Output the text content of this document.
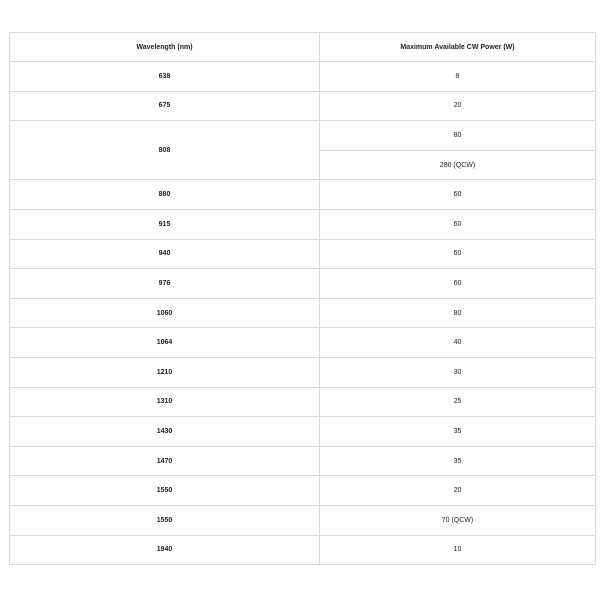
Wavelength (nm)	Maximum Available CW Power (W)
638	8
675	20
808	80
	280 (QCW)
880	60
915	60
940	60
976	60
1060	80
1064	40
1210	30
1310	25
1430	35
1470	35
1550	20
1550	70 (QCW)
1940	10
